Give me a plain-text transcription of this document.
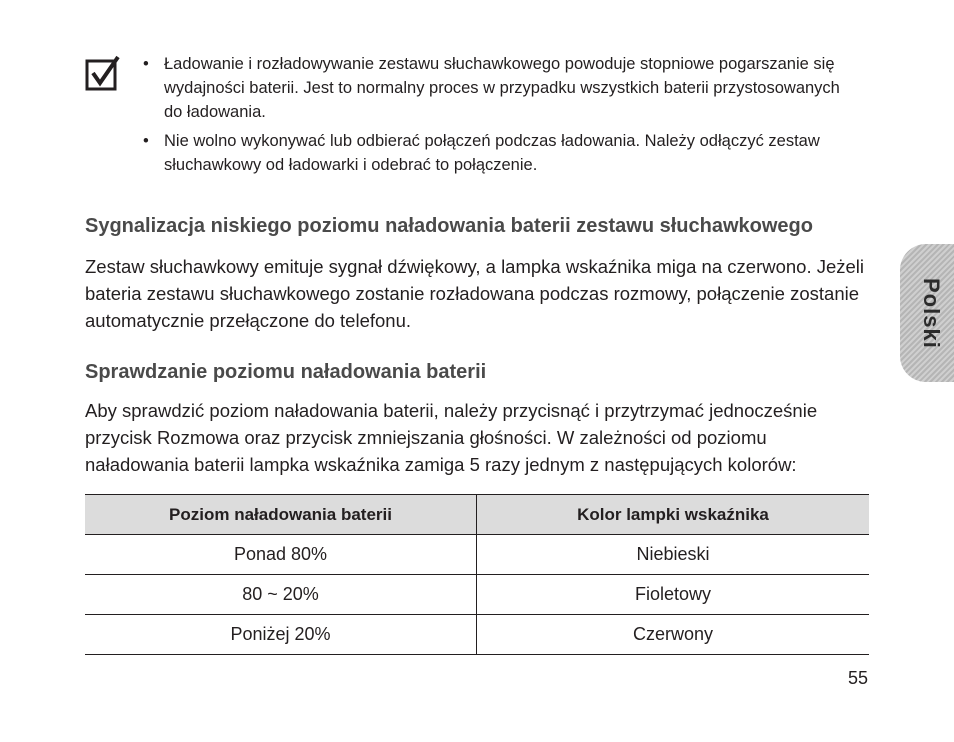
• Ładowanie i rozładowywanie zestawu słuchawkowego powoduje stopniowe pogarszanie się wydajności baterii. Jest to normalny proces w przypadku wszystkich baterii przystosowanych do ładowania.
• Nie wolno wykonywać lub odbierać połączeń podczas ładowania. Należy odłączyć zestaw słuchawkowy od ładowarki i odebrać to połączenie.
Sygnalizacja niskiego poziomu naładowania baterii zestawu słuchawkowego

Zestaw słuchawkowy emituje sygnał dźwiękowy, a lampka wskaźnika miga na czerwono. Jeżeli bateria zestawu słuchawkowego zostanie rozładowana podczas rozmowy, połączenie zostanie automatycznie przełączone do telefonu.

Sprawdzanie poziomu naładowania baterii

Aby sprawdzić poziom naładowania baterii, należy przycisnąć i przytrzymać jednocześnie przycisk Rozmowa oraz przycisk zmniejszania głośności. W zależności od poziomu naładowania baterii lampka wskaźnika zamiga 5 razy jednym z następujących kolorów:

Poziom naładowania baterii	Kolor lampki wskaźnika
Ponad 80%	Niebieski
80 ~ 20%	Fioletowy
Poniżej 20%	Czerwony
Polski
55
